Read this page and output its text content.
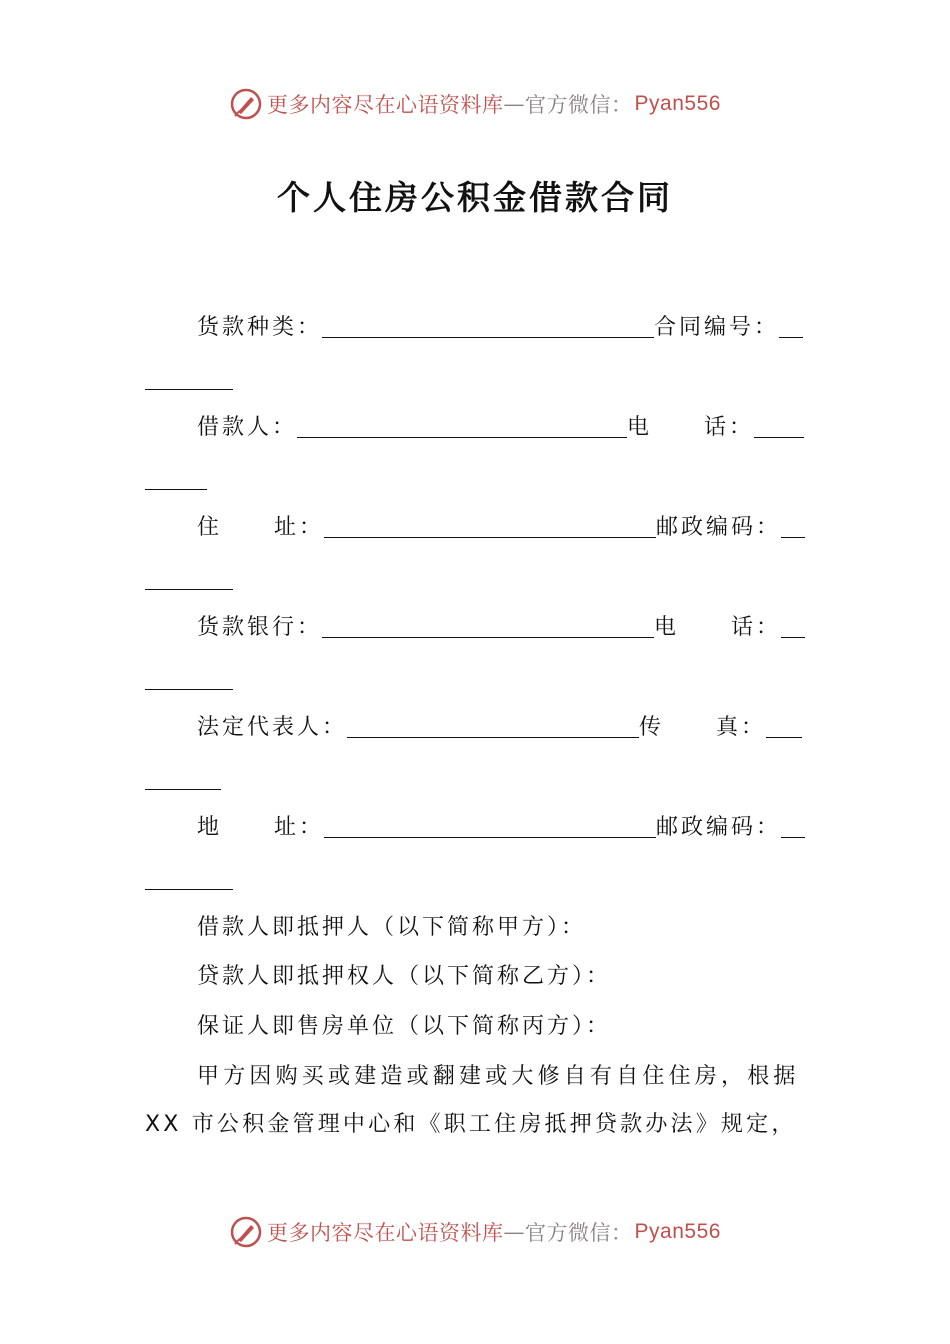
更多内容尽在心语资料库 — 官方微信： Pyan556
个人住房公积金借款合同
货款种类：	合同编号：
借款人：	电 话：
住 址：	邮政编码：
货款银行：	电 话：
法定代表人：	传 真：
地 址：	邮政编码：
借款人即抵押人（以下简称甲方）：
贷款人即抵押权人（以下简称乙方）：
保证人即售房单位（以下简称丙方）：
甲方因购买或建造或翻建或大修自有自住住房，根据
XX 市公积金管理中心和《职工住房抵押贷款办法》规定，
更多内容尽在心语资料库 — 官方微信： Pyan556
